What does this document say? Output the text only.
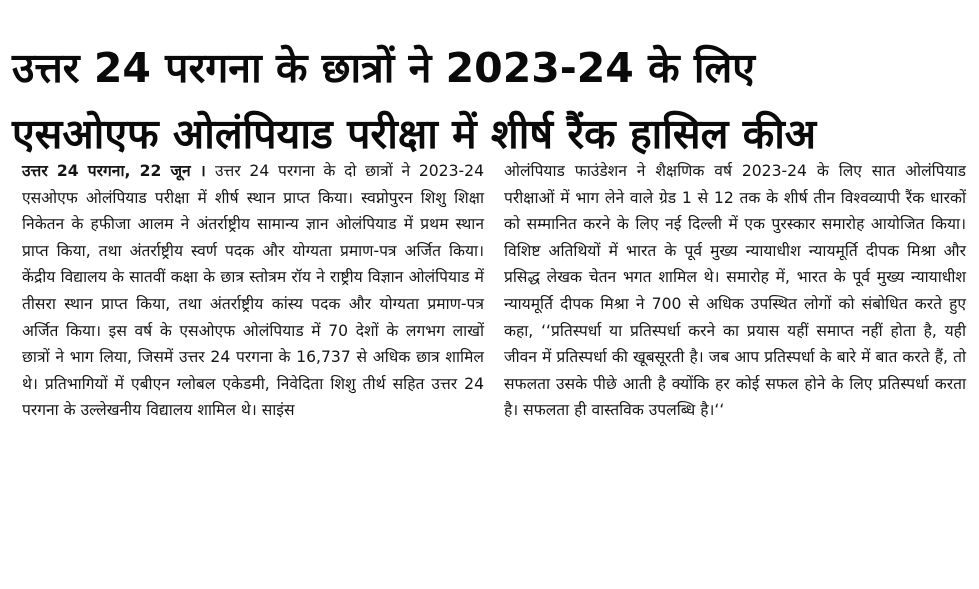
उत्तर 24 परगना के छात्रों ने 2023-24 के लिए
एसओएफ ओलंपियाड परीक्षा में शीर्ष रैंक हासिल कीअ
उत्तर 24 परगना, 22 जून । उत्तर 24 परगना के दो छात्रों ने 2023-24 एसओएफ ओलंपियाड परीक्षा में शीर्ष स्थान प्राप्त किया। स्वप्नोपुरन शिशु शिक्षा निकेतन के हफीजा आलम ने अंतर्राष्ट्रीय सामान्य ज्ञान ओलंपियाड में प्रथम स्थान प्राप्त किया, तथा अंतर्राष्ट्रीय स्वर्ण पदक और योग्यता प्रमाण-पत्र अर्जित किया। केंद्रीय विद्यालय के सातवीं कक्षा के छात्र स्तोत्रम रॉय ने राष्ट्रीय विज्ञान ओलंपियाड में तीसरा स्थान प्राप्त किया, तथा अंतर्राष्ट्रीय कांस्य पदक और योग्यता प्रमाण-पत्र अर्जित किया। इस वर्ष के एसओएफ ओलंपियाड में 70 देशों के लगभग लाखों छात्रों ने भाग लिया, जिसमें उत्तर 24 परगना के 16,737 से अधिक छात्र शामिल थे। प्रतिभागियों में एबीएन ग्लोबल एकेडमी, निवेदिता शिशु तीर्थ सहित उत्तर 24 परगना के उल्लेखनीय विद्यालय शामिल थे। साइंस
ओलंपियाड फाउंडेशन ने शैक्षणिक वर्ष 2023-24 के लिए सात ओलंपियाड परीक्षाओं में भाग लेने वाले ग्रेड 1 से 12 तक के शीर्ष तीन विश्वव्यापी रैंक धारकों को सम्मानित करने के लिए नई दिल्ली में एक पुरस्कार समारोह आयोजित किया। विशिष्ट अतिथियों में भारत के पूर्व मुख्य न्यायाधीश न्यायमूर्ति दीपक मिश्रा और प्रसिद्ध लेखक चेतन भगत शामिल थे। समारोह में, भारत के पूर्व मुख्य न्यायाधीश न्यायमूर्ति दीपक मिश्रा ने 700 से अधिक उपस्थित लोगों को संबोधित करते हुए कहा, ‘‘प्रतिस्पर्धा या प्रतिस्पर्धा करने का प्रयास यहीं समाप्त नहीं होता है, यही जीवन में प्रतिस्पर्धा की खूबसूरती है। जब आप प्रतिस्पर्धा के बारे में बात करते हैं, तो सफलता उसके पीछे आती है क्योंकि हर कोई सफल होने के लिए प्रतिस्पर्धा करता है। सफलता ही वास्तविक उपलब्धि है।‘‘
